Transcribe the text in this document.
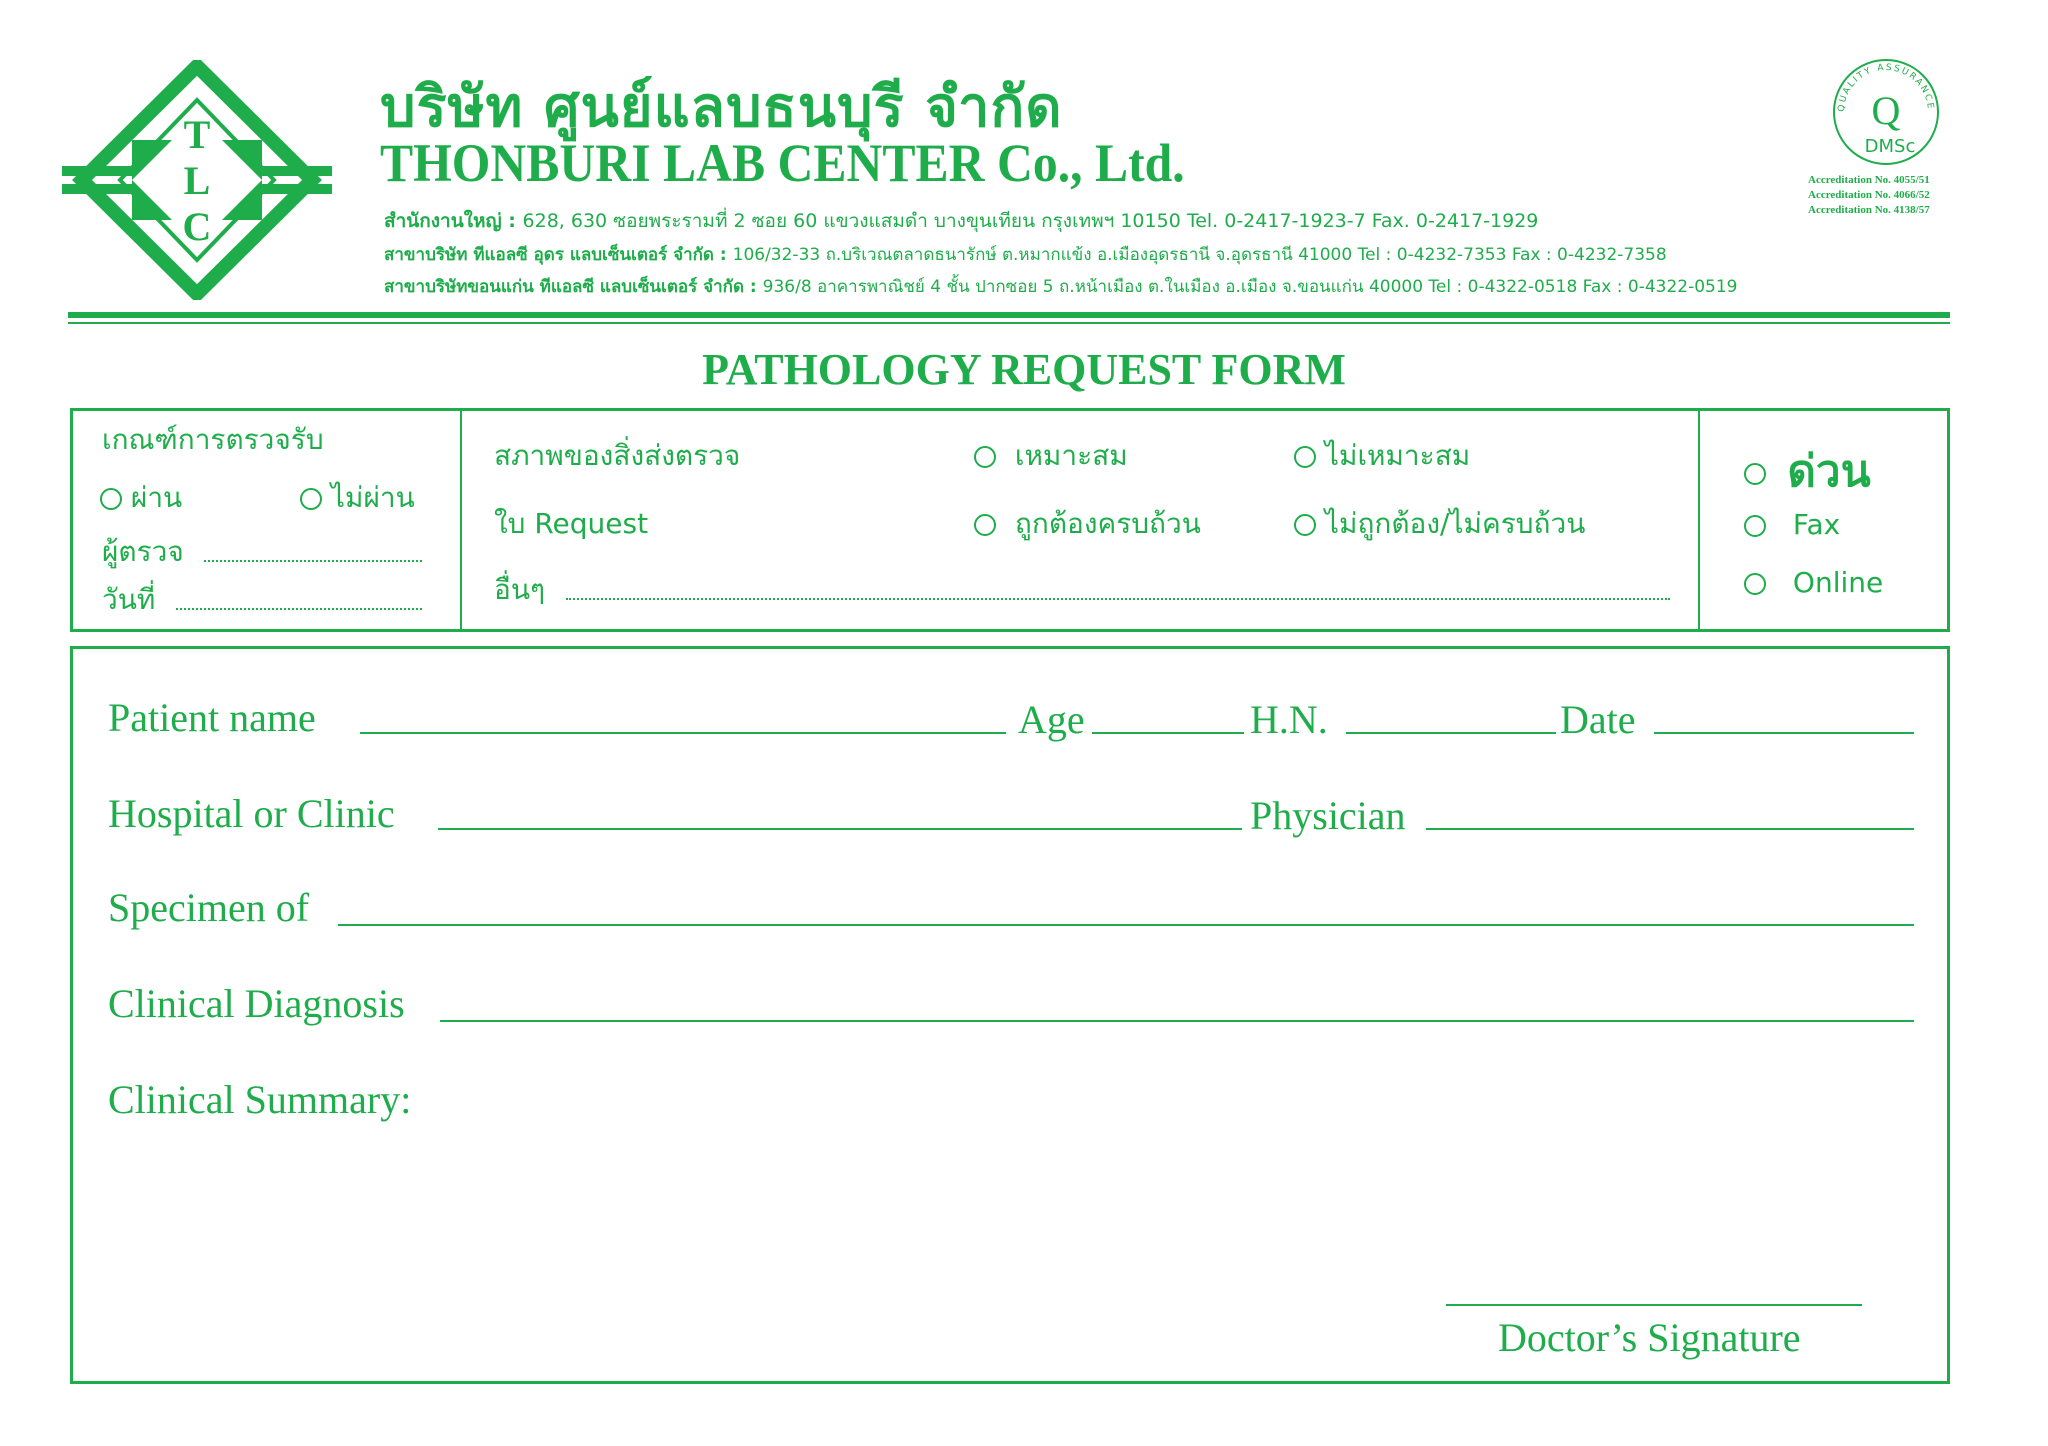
T
L
C
บริษัท ศูนย์แลบธนบุรี จำกัด
THONBURI LAB CENTER Co., Ltd.
สำนักงานใหญ่ : 628, 630 ซอยพระรามที่ 2 ซอย 60 แขวงแสมดำ บางขุนเทียน กรุงเทพฯ 10150 Tel. 0-2417-1923-7 Fax. 0-2417-1929
สาขาบริษัท ทีแอลซี อุดร แลบเซ็นเตอร์ จำกัด : 106/32-33 ถ.บริเวณตลาดธนารักษ์ ต.หมากแข้ง อ.เมืองอุดรธานี จ.อุดรธานี 41000 Tel : 0-4232-7353 Fax : 0-4232-7358
สาขาบริษัทขอนแก่น ทีแอลซี แลบเซ็นเตอร์ จำกัด : 936/8 อาคารพาณิชย์ 4 ชั้น ปากซอย 5 ถ.หน้าเมือง ต.ในเมือง อ.เมือง จ.ขอนแก่น 40000 Tel : 0-4322-0518 Fax : 0-4322-0519
QUALITY ASSURANCE
Q
DMSc
Accreditation No. 4055/51
Accreditation No. 4066/52
Accreditation No. 4138/57
PATHOLOGY REQUEST FORM
เกณฑ์การตรวจรับ
ผ่าน	ไม่ผ่าน
ผู้ตรวจ
วันที่
สภาพของสิ่งส่งตรวจ	เหมาะสม	ไม่เหมาะสม
ใบ Request	ถูกต้องครบถ้วน	ไม่ถูกต้อง/ไม่ครบถ้วน
อื่นๆ
ด่วน
Fax
Online
Patient name	Age	H.N.	Date
Hospital or Clinic	Physician
Specimen of
Clinical Diagnosis
Clinical Summary:
Doctor’s Signature
